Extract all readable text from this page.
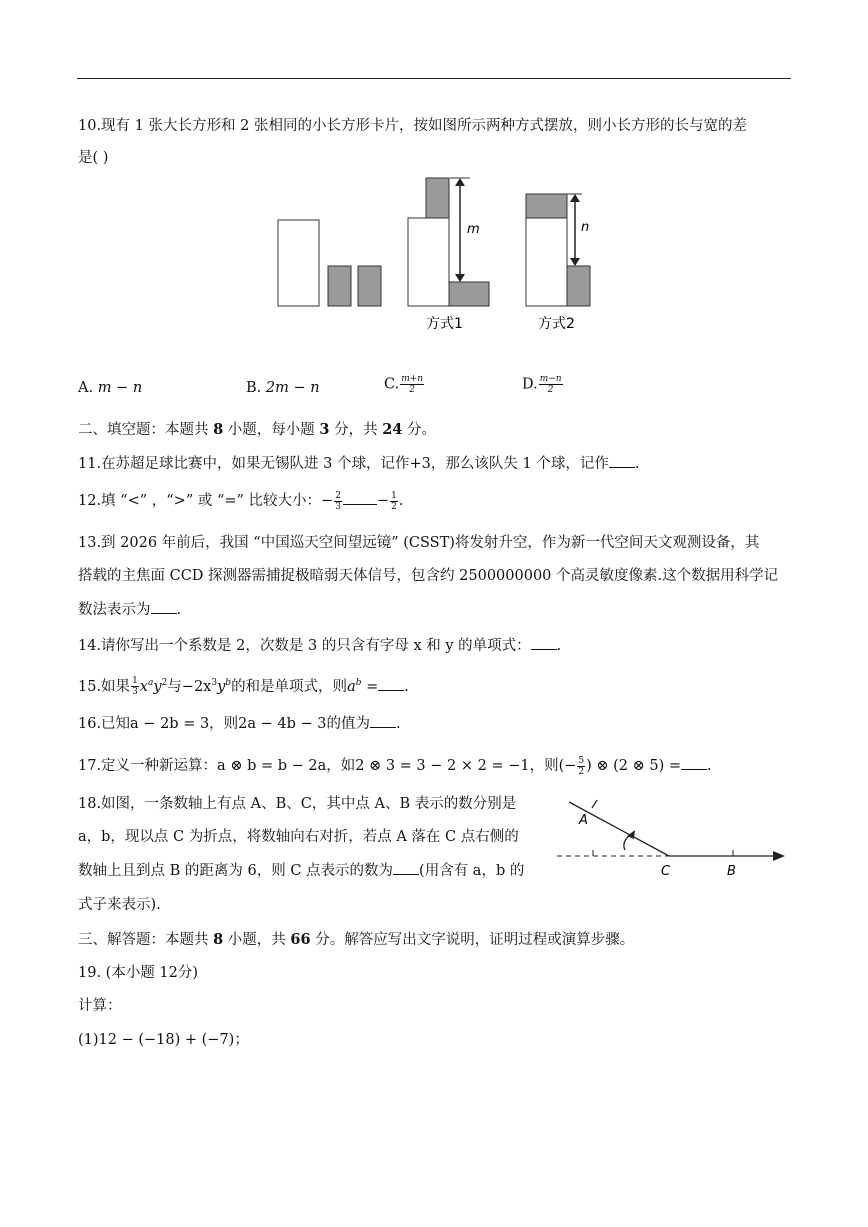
10.现有 1 张大长方形和 2 张相同的小长方形卡片，按如图所示两种方式摆放，则小长方形的长与宽的差
是( )
m
方式1
n
方式2
A. m − n	B. 2m − n	C. $\frac{m+n}{2}$	D. $\frac{m-n}{2}$
二、填空题：本题共 8 小题，每小题 3 分，共 24 分。
11.在苏超足球比赛中，如果无锡队进 3 个球，记作+3，那么该队失 1 个球，记作 .
12.填 “<” ，“>” 或 “=” 比较大小：− $\frac{2}{3} - \frac{1}{2}$ .
13.到 2026 年前后，我国 “中国巡天空间望远镜” (CSST)将发射升空，作为新一代空间天文观测设备，其
搭载的主焦面 CCD 探测器需捕捉极暗弱天体信号，包含约 2500000000 个高灵敏度像素.这个数据用科学记
数法表示为 .
14.请你写出一个系数是 2，次数是 3 的只含有字母 x 和 y 的单项式： .
15.如果 $\frac{1}{3} x^ay^2$与$-2x^3y^b$的和是单项式，则$a^b$ = .
16.已知a − 2b = 3，则2a − 4b − 3的值为 .
17.定义一种新运算：a ⊗ b = b − 2a，如2 ⊗ 3 = 3 − 2 × 2 = −1，则(− $\frac{5}{2}$ ) ⊗ (2 ⊗ 5) = .
18.如图，一条数轴上有点 A、B、C，其中点 A、B 表示的数分别是
a，b，现以点 C 为折点，将数轴向右对折，若点 A 落在 C 点右侧的
数轴上且到点 B 的距离为 6，则 C 点表示的数为 (用含有 a，b 的
式子来表示).
A
C	B
三、解答题：本题共 8 小题，共 66 分。解答应写出文字说明，证明过程或演算步骤。
19. (本小题 12分)
计算：
(1)12 − (−18) + (−7)；
